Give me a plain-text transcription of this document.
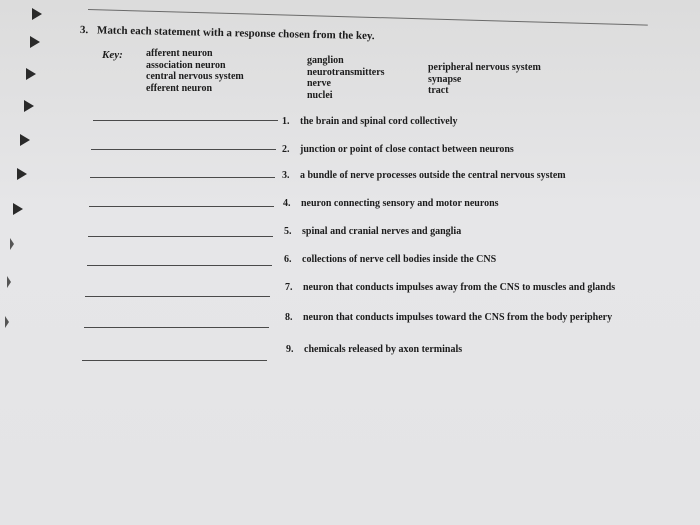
3. Match each statement with a response chosen from the key.
Key: afferent neuron
association neuron
central nervous system
efferent neuron
ganglion
neurotransmitters
nerve
nuclei
peripheral nervous system
synapse
tract
1. the brain and spinal cord collectively
2. junction or point of close contact between neurons
3. a bundle of nerve processes outside the central nervous system
4. neuron connecting sensory and motor neurons
5. spinal and cranial nerves and ganglia
6. collections of nerve cell bodies inside the CNS
7. neuron that conducts impulses away from the CNS to muscles and glands
8. neuron that conducts impulses toward the CNS from the body periphery
9. chemicals released by axon terminals
